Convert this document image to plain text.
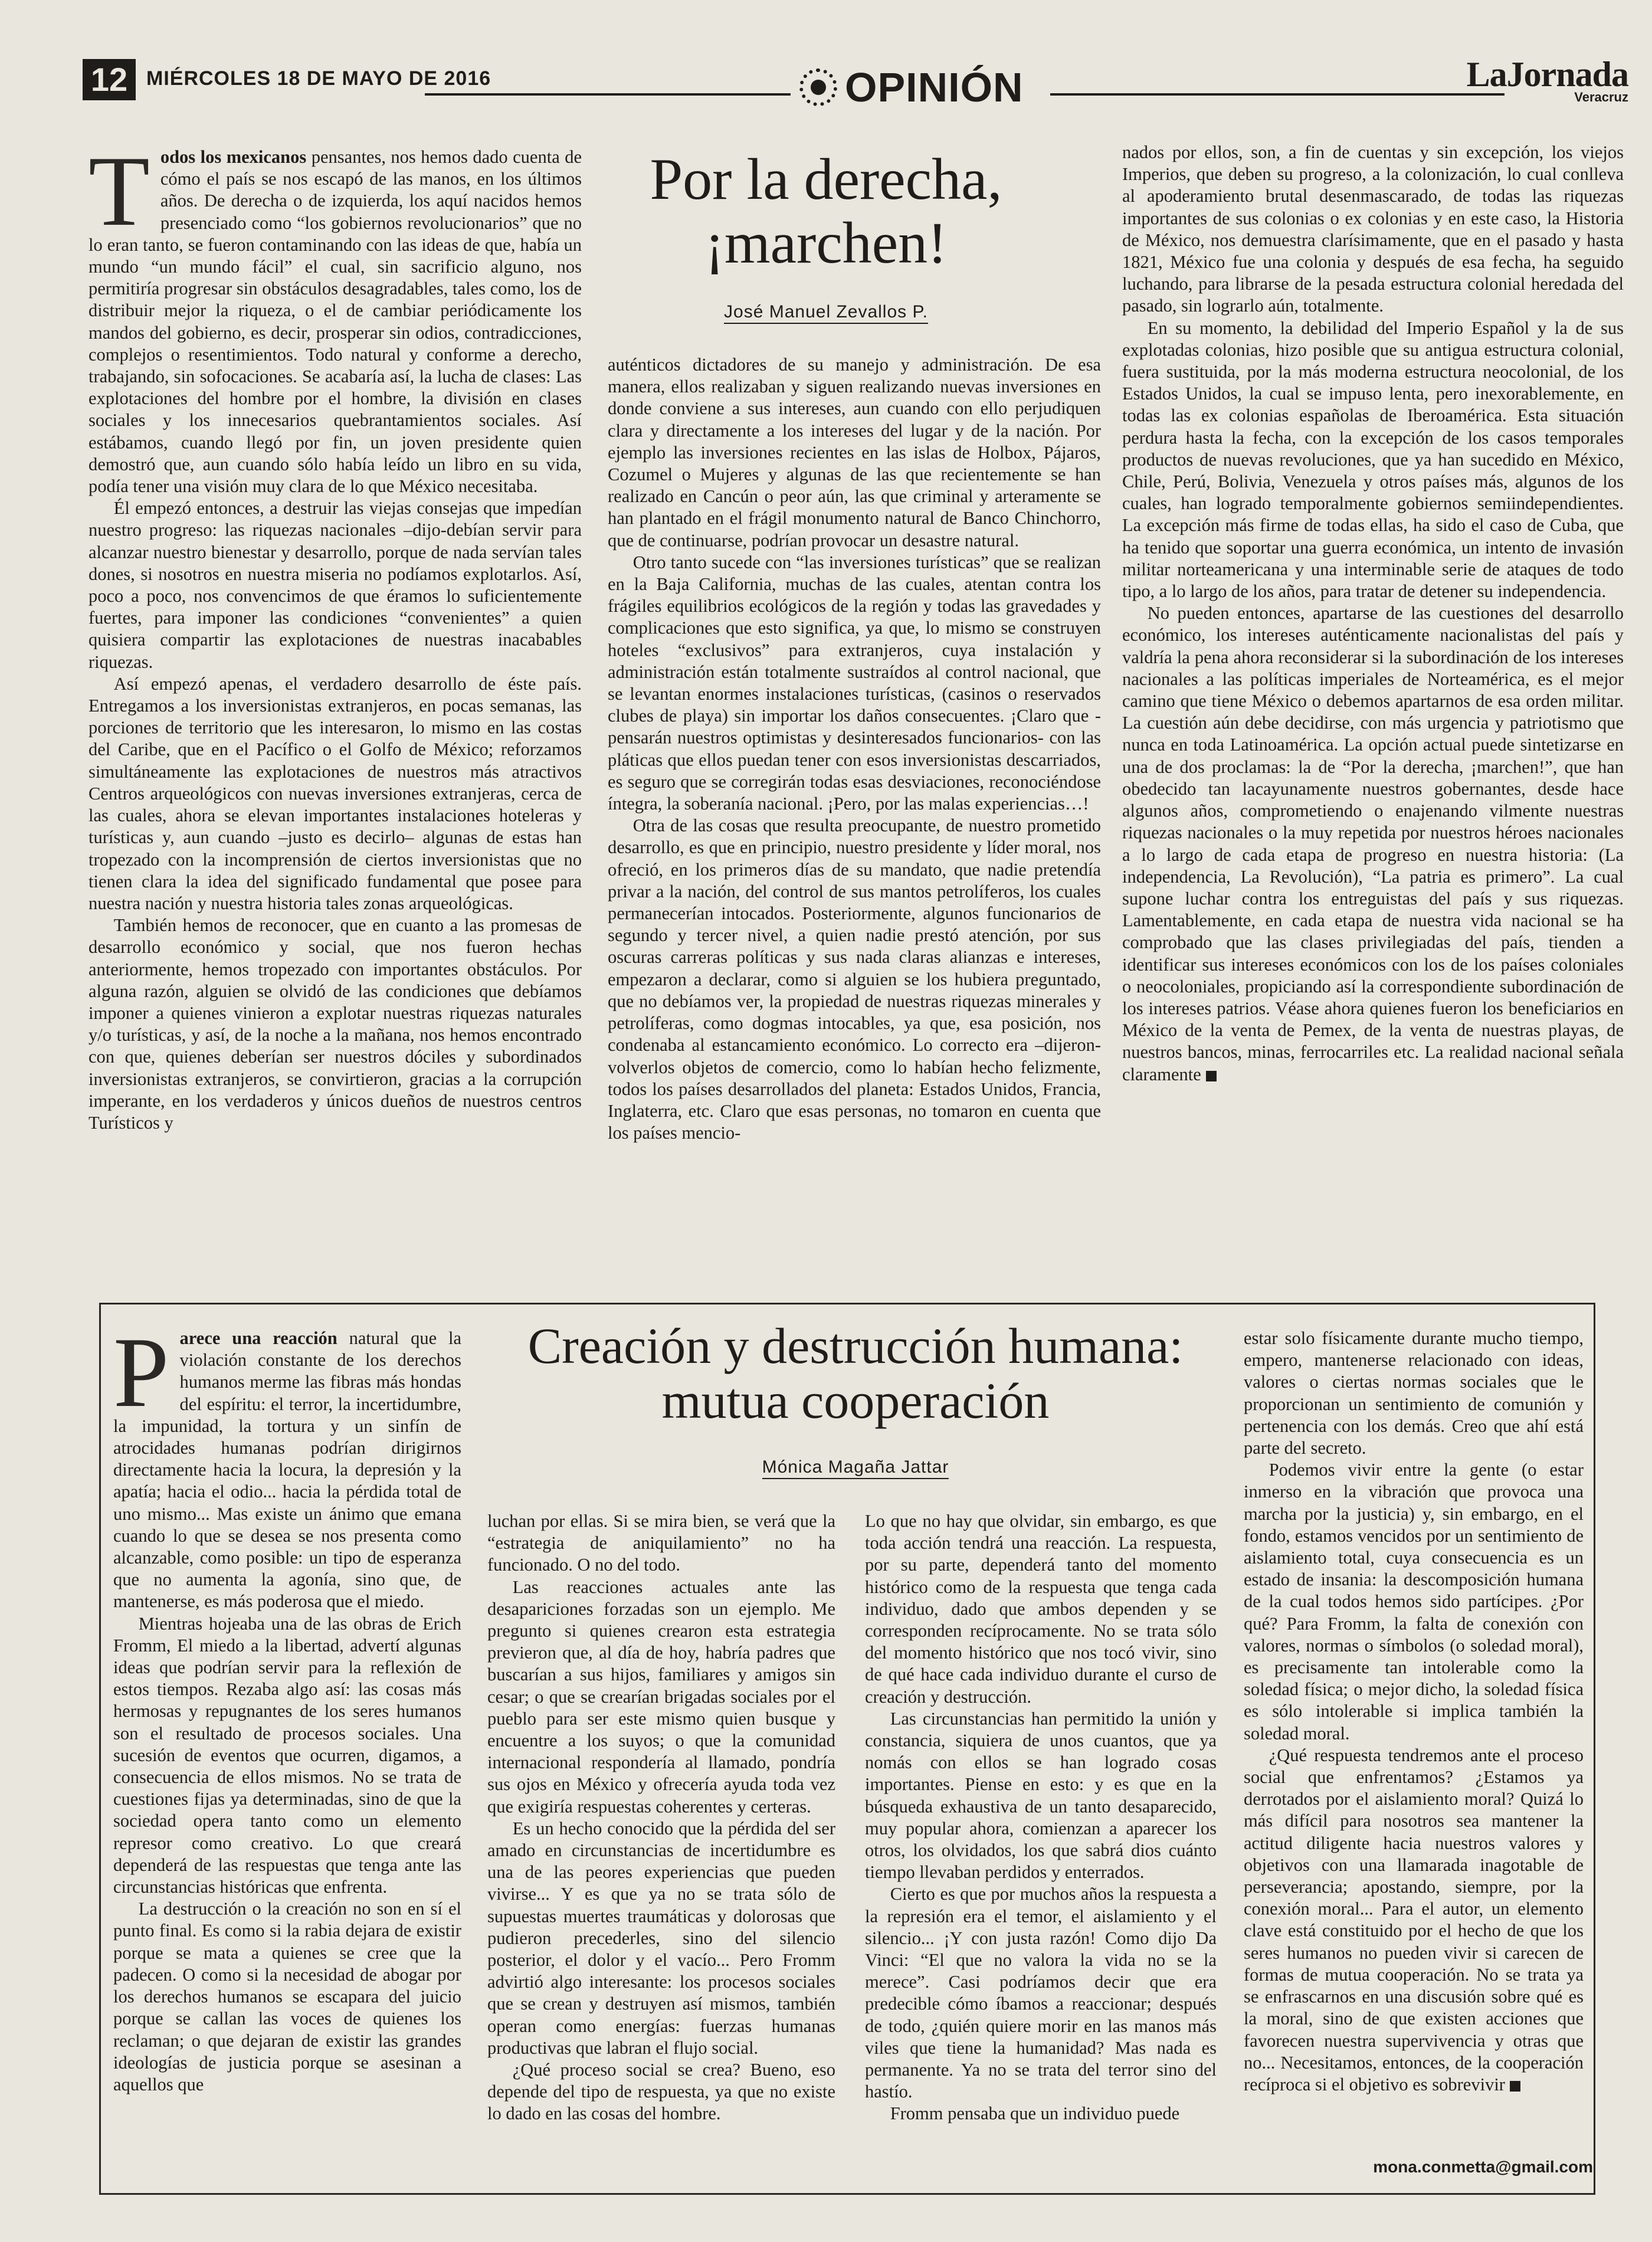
12 MIÉRCOLES 18 DE MAYO DE 2016	OPINIÓN	LaJornada
Veracruz
Por la derecha, ¡marchen!
José Manuel Zevallos P.

Todos los mexicanos pensantes, nos hemos dado cuenta de cómo el país se nos escapó de las manos, en los últimos años. De derecha o de izquierda, los aquí nacidos hemos presenciado como “los gobiernos revolucionarios” que no lo eran tanto, se fueron contaminando con las ideas de que, había un mundo “un mundo fácil” el cual, sin sacrificio alguno, nos permitiría progresar sin obstáculos desagradables, tales como, los de distribuir mejor la riqueza, o el de cambiar periódicamente los mandos del gobierno, es decir, prosperar sin odios, contradicciones, complejos o resentimientos. Todo natural y conforme a derecho, trabajando, sin sofocaciones. Se acabaría así, la lucha de clases: Las explotaciones del hombre por el hombre, la división en clases sociales y los innecesarios quebrantamientos sociales. Así estábamos, cuando llegó por fin, un joven presidente quien demostró que, aun cuando sólo había leído un libro en su vida, podía tener una visión muy clara de lo que México necesitaba.

Él empezó entonces, a destruir las viejas consejas que impedían nuestro progreso: las riquezas nacionales –dijo-debían servir para alcanzar nuestro bienestar y desarrollo, porque de nada servían tales dones, si nosotros en nuestra miseria no podíamos explotarlos. Así, poco a poco, nos convencimos de que éramos lo suficientemente fuertes, para imponer las condiciones “convenientes” a quien quisiera compartir las explotaciones de nuestras inacabables riquezas.

Así empezó apenas, el verdadero desarrollo de éste país. Entregamos a los inversionistas extranjeros, en pocas semanas, las porciones de territorio que les interesaron, lo mismo en las costas del Caribe, que en el Pacífico o el Golfo de México; reforzamos simultáneamente las explotaciones de nuestros más atractivos Centros arqueológicos con nuevas inversiones extranjeras, cerca de las cuales, ahora se elevan importantes instalaciones hoteleras y turísticas y, aun cuando –justo es decirlo– algunas de estas han tropezado con la incomprensión de ciertos inversionistas que no tienen clara la idea del significado fundamental que posee para nuestra nación y nuestra historia tales zonas arqueológicas.

También hemos de reconocer, que en cuanto a las promesas de desarrollo económico y social, que nos fueron hechas anteriormente, hemos tropezado con importantes obstáculos. Por alguna razón, alguien se olvidó de las condiciones que debíamos imponer a quienes vinieron a explotar nuestras riquezas naturales y/o turísticas, y así, de la noche a la mañana, nos hemos encontrado con que, quienes deberían ser nuestros dóciles y subordinados inversionistas extranjeros, se convirtieron, gracias a la corrupción imperante, en los verdaderos y únicos dueños de nuestros centros Turísticos y

auténticos dictadores de su manejo y administración. De esa manera, ellos realizaban y siguen realizando nuevas inversiones en donde conviene a sus intereses, aun cuando con ello perjudiquen clara y directamente a los intereses del lugar y de la nación. Por ejemplo las inversiones recientes en las islas de Holbox, Pájaros, Cozumel o Mujeres y algunas de las que recientemente se han realizado en Cancún o peor aún, las que criminal y arteramente se han plantado en el frágil monumento natural de Banco Chinchorro, que de continuarse, podrían provocar un desastre natural.

Otro tanto sucede con “las inversiones turísticas” que se realizan en la Baja California, muchas de las cuales, atentan contra los frágiles equilibrios ecológicos de la región y todas las gravedades y complicaciones que esto significa, ya que, lo mismo se construyen hoteles “exclusivos” para extranjeros, cuya instalación y administración están totalmente sustraídos al control nacional, que se levantan enormes instalaciones turísticas, (casinos o reservados clubes de playa) sin importar los daños consecuentes. ¡Claro que -pensarán nuestros optimistas y desinteresados funcionarios- con las pláticas que ellos puedan tener con esos inversionistas descarriados, es seguro que se corregirán todas esas desviaciones, reconociéndose íntegra, la soberanía nacional. ¡Pero, por las malas experiencias…!

Otra de las cosas que resulta preocupante, de nuestro prometido desarrollo, es que en principio, nuestro presidente y líder moral, nos ofreció, en los primeros días de su mandato, que nadie pretendía privar a la nación, del control de sus mantos petrolíferos, los cuales permanecerían intocados. Posteriormente, algunos funcionarios de segundo y tercer nivel, a quien nadie prestó atención, por sus oscuras carreras políticas y sus nada claras alianzas e intereses, empezaron a declarar, como si alguien se los hubiera preguntado, que no debíamos ver, la propiedad de nuestras riquezas minerales y petrolíferas, como dogmas intocables, ya que, esa posición, nos condenaba al estancamiento económico. Lo correcto era –dijeron- volverlos objetos de comercio, como lo habían hecho felizmente, todos los países desarrollados del planeta: Estados Unidos, Francia, Inglaterra, etc. Claro que esas personas, no tomaron en cuenta que los países mencio-

nados por ellos, son, a fin de cuentas y sin excepción, los viejos Imperios, que deben su progreso, a la colonización, lo cual conlleva al apoderamiento brutal desenmascarado, de todas las riquezas importantes de sus colonias o ex colonias y en este caso, la Historia de México, nos demuestra clarísimamente, que en el pasado y hasta 1821, México fue una colonia y después de esa fecha, ha seguido luchando, para librarse de la pesada estructura colonial heredada del pasado, sin lograrlo aún, totalmente.

En su momento, la debilidad del Imperio Español y la de sus explotadas colonias, hizo posible que su antigua estructura colonial, fuera sustituida, por la más moderna estructura neocolonial, de los Estados Unidos, la cual se impuso lenta, pero inexorablemente, en todas las ex colonias españolas de Iberoamérica. Esta situación perdura hasta la fecha, con la excepción de los casos temporales productos de nuevas revoluciones, que ya han sucedido en México, Chile, Perú, Bolivia, Venezuela y otros países más, algunos de los cuales, han logrado temporalmente gobiernos semiindependientes. La excepción más firme de todas ellas, ha sido el caso de Cuba, que ha tenido que soportar una guerra económica, un intento de invasión militar norteamericana y una interminable serie de ataques de todo tipo, a lo largo de los años, para tratar de detener su independencia.

No pueden entonces, apartarse de las cuestiones del desarrollo económico, los intereses auténticamente nacionalistas del país y valdría la pena ahora reconsiderar si la subordinación de los intereses nacionales a las políticas imperiales de Norteamérica, es el mejor camino que tiene México o debemos apartarnos de esa orden militar. La cuestión aún debe decidirse, con más urgencia y patriotismo que nunca en toda Latinoamérica. La opción actual puede sintetizarse en una de dos proclamas: la de “Por la derecha, ¡marchen!”, que han obedecido tan lacayunamente nuestros gobernantes, desde hace algunos años, comprometiendo o enajenando vilmente nuestras riquezas nacionales o la muy repetida por nuestros héroes nacionales a lo largo de cada etapa de progreso en nuestra historia: (La independencia, La Revolución), “La patria es primero”. La cual supone luchar contra los entreguistas del país y sus riquezas. Lamentablemente, en cada etapa de nuestra vida nacional se ha comprobado que las clases privilegiadas del país, tienden a identificar sus intereses económicos con los de los países coloniales o neocoloniales, propiciando así la correspondiente subordinación de los intereses patrios. Véase ahora quienes fueron los beneficiarios en México de la venta de Pemex, de la venta de nuestras playas, de nuestros bancos, minas, ferrocarriles etc. La realidad nacional señala claramente

Creación y destrucción humana: mutua cooperación
Mónica Magaña Jattar

Parece una reacción natural que la violación constante de los derechos humanos merme las fibras más hondas del espíritu: el terror, la incertidumbre, la impunidad, la tortura y un sinfín de atrocidades humanas podrían dirigirnos directamente hacia la locura, la depresión y la apatía; hacia el odio... hacia la pérdida total de uno mismo... Mas existe un ánimo que emana cuando lo que se desea se nos presenta como alcanzable, como posible: un tipo de esperanza que no aumenta la agonía, sino que, de mantenerse, es más poderosa que el miedo.

Mientras hojeaba una de las obras de Erich Fromm, El miedo a la libertad, advertí algunas ideas que podrían servir para la reflexión de estos tiempos. Rezaba algo así: las cosas más hermosas y repugnantes de los seres humanos son el resultado de procesos sociales. Una sucesión de eventos que ocurren, digamos, a consecuencia de ellos mismos. No se trata de cuestiones fijas ya determinadas, sino de que la sociedad opera tanto como un elemento represor como creativo. Lo que creará dependerá de las respuestas que tenga ante las circunstancias históricas que enfrenta.

La destrucción o la creación no son en sí el punto final. Es como si la rabia dejara de existir porque se mata a quienes se cree que la padecen. O como si la necesidad de abogar por los derechos humanos se escapara del juicio porque se callan las voces de quienes los reclaman; o que dejaran de existir las grandes ideologías de justicia porque se asesinan a aquellos que

luchan por ellas. Si se mira bien, se verá que la “estrategia de aniquilamiento” no ha funcionado. O no del todo.

Las reacciones actuales ante las desapariciones forzadas son un ejemplo. Me pregunto si quienes crearon esta estrategia previeron que, al día de hoy, habría padres que buscarían a sus hijos, familiares y amigos sin cesar; o que se crearían brigadas sociales por el pueblo para ser este mismo quien busque y encuentre a los suyos; o que la comunidad internacional respondería al llamado, pondría sus ojos en México y ofrecería ayuda toda vez que exigiría respuestas coherentes y certeras.

Es un hecho conocido que la pérdida del ser amado en circunstancias de incertidumbre es una de las peores experiencias que pueden vivirse... Y es que ya no se trata sólo de supuestas muertes traumáticas y dolorosas que pudieron precederles, sino del silencio posterior, el dolor y el vacío... Pero Fromm advirtió algo interesante: los procesos sociales que se crean y destruyen así mismos, también operan como energías: fuerzas humanas productivas que labran el flujo social.

¿Qué proceso social se crea? Bueno, eso depende del tipo de respuesta, ya que no existe lo dado en las cosas del hombre.

Lo que no hay que olvidar, sin embargo, es que toda acción tendrá una reacción. La respuesta, por su parte, dependerá tanto del momento histórico como de la respuesta que tenga cada individuo, dado que ambos dependen y se corresponden recíprocamente. No se trata sólo del momento histórico que nos tocó vivir, sino de qué hace cada individuo durante el curso de creación y destrucción.

Las circunstancias han permitido la unión y constancia, siquiera de unos cuantos, que ya nomás con ellos se han logrado cosas importantes. Piense en esto: y es que en la búsqueda exhaustiva de un tanto desaparecido, muy popular ahora, comienzan a aparecer los otros, los olvidados, los que sabrá dios cuánto tiempo llevaban perdidos y enterrados.

Cierto es que por muchos años la respuesta a la represión era el temor, el aislamiento y el silencio... ¡Y con justa razón! Como dijo Da Vinci: “El que no valora la vida no se la merece”. Casi podríamos decir que era predecible cómo íbamos a reaccionar; después de todo, ¿quién quiere morir en las manos más viles que tiene la humanidad? Mas nada es permanente. Ya no se trata del terror sino del hastío.

Fromm pensaba que un individuo puede

estar solo físicamente durante mucho tiempo, empero, mantenerse relacionado con ideas, valores o ciertas normas sociales que le proporcionan un sentimiento de comunión y pertenencia con los demás. Creo que ahí está parte del secreto.

Podemos vivir entre la gente (o estar inmerso en la vibración que provoca una marcha por la justicia) y, sin embargo, en el fondo, estamos vencidos por un sentimiento de aislamiento total, cuya consecuencia es un estado de insania: la descomposición humana de la cual todos hemos sido partícipes. ¿Por qué? Para Fromm, la falta de conexión con valores, normas o símbolos (o soledad moral), es precisamente tan intolerable como la soledad física; o mejor dicho, la soledad física es sólo intolerable si implica también la soledad moral.

¿Qué respuesta tendremos ante el proceso social que enfrentamos? ¿Estamos ya derrotados por el aislamiento moral? Quizá lo más difícil para nosotros sea mantener la actitud diligente hacia nuestros valores y objetivos con una llamarada inagotable de perseverancia; apostando, siempre, por la conexión moral... Para el autor, un elemento clave está constituido por el hecho de que los seres humanos no pueden vivir si carecen de formas de mutua cooperación. No se trata ya se enfrascarnos en una discusión sobre qué es la moral, sino de que existen acciones que favorecen nuestra supervivencia y otras que no... Necesitamos, entonces, de la cooperación recíproca si el objetivo es sobrevivir

mona.conmetta@gmail.com
